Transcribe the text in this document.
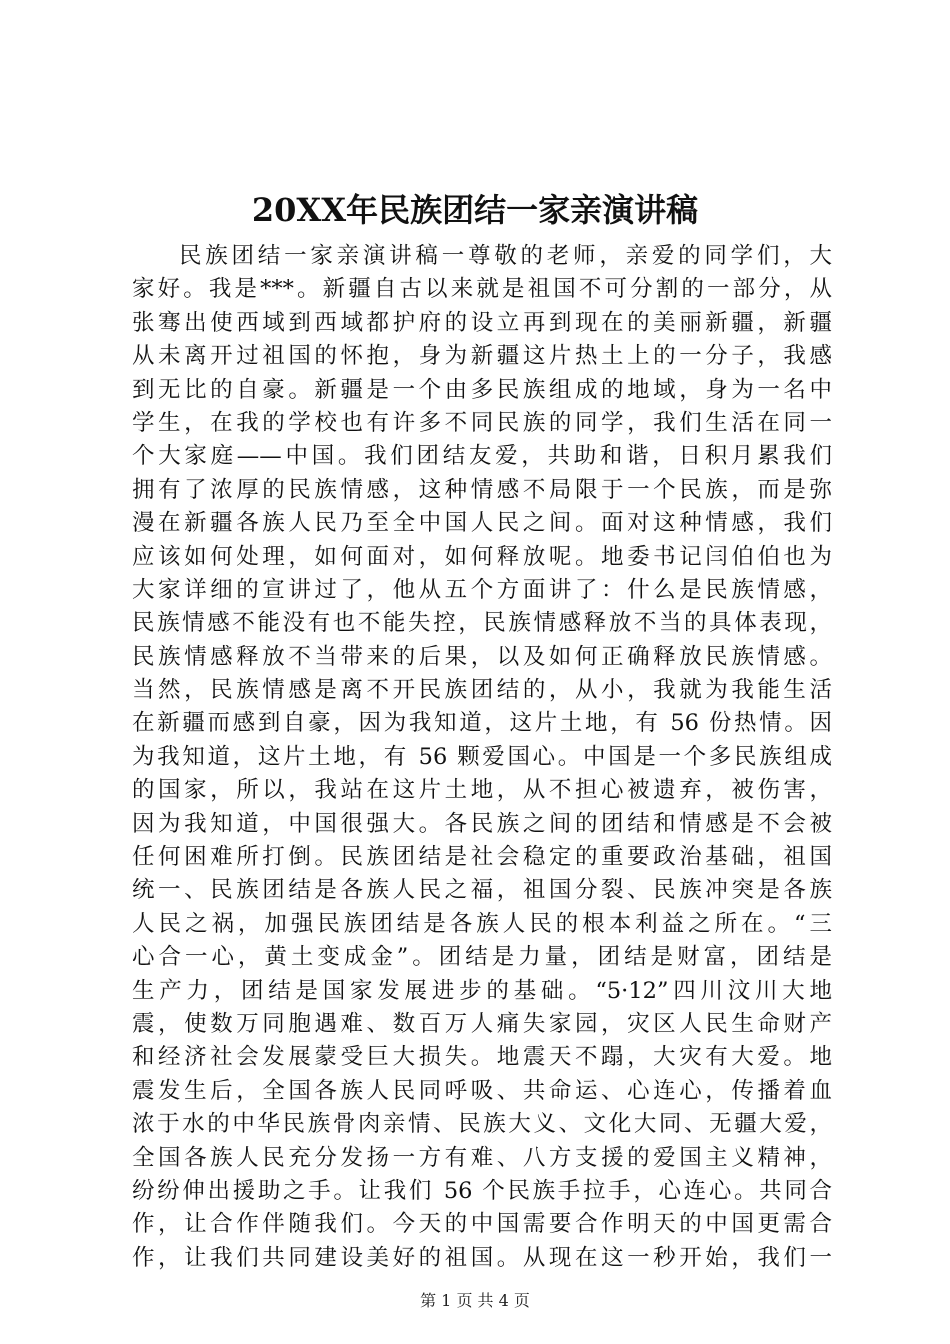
20XX年民族团结一家亲演讲稿
民族团结一家亲演讲稿一尊敬的老师，亲爱的同学们，大
家好。我是***。新疆自古以来就是祖国不可分割的一部分，从
张骞出使西域到西域都护府的设立再到现在的美丽新疆，新疆
从未离开过祖国的怀抱，身为新疆这片热土上的一分子，我感
到无比的自豪。新疆是一个由多民族组成的地域，身为一名中
学生，在我的学校也有许多不同民族的同学，我们生活在同一
个大家庭——中国。我们团结友爱，共助和谐，日积月累我们
拥有了浓厚的民族情感，这种情感不局限于一个民族，而是弥
漫在新疆各族人民乃至全中国人民之间。面对这种情感，我们
应该如何处理，如何面对，如何释放呢。地委书记闫伯伯也为
大家详细的宣讲过了，他从五个方面讲了：什么是民族情感，
民族情感不能没有也不能失控，民族情感释放不当的具体表现，
民族情感释放不当带来的后果，以及如何正确释放民族情感。
当然，民族情感是离不开民族团结的，从小，我就为我能生活
在新疆而感到自豪，因为我知道，这片土地，有 56 份热情。因
为我知道，这片土地，有 56 颗爱国心。中国是一个多民族组成
的国家，所以，我站在这片土地，从不担心被遗弃，被伤害，
因为我知道，中国很强大。各民族之间的团结和情感是不会被
任何困难所打倒。民族团结是社会稳定的重要政治基础，祖国
统一、民族团结是各族人民之福，祖国分裂、民族冲突是各族
人民之祸，加强民族团结是各族人民的根本利益之所在。“三
心合一心，黄土变成金”。团结是力量，团结是财富，团结是
生产力，团结是国家发展进步的基础。“5·12”四川汶川大地
震，使数万同胞遇难、数百万人痛失家园，灾区人民生命财产
和经济社会发展蒙受巨大损失。地震天不蹋，大灾有大爱。地
震发生后，全国各族人民同呼吸、共命运、心连心，传播着血
浓于水的中华民族骨肉亲情、民族大义、文化大同、无疆大爱，
全国各族人民充分发扬一方有难、八方支援的爱国主义精神，
纷纷伸出援助之手。让我们 56 个民族手拉手，心连心。共同合
作，让合作伴随我们。今天的中国需要合作明天的中国更需合
作，让我们共同建设美好的祖国。从现在这一秒开始，我们一
第 1 页 共 4 页
